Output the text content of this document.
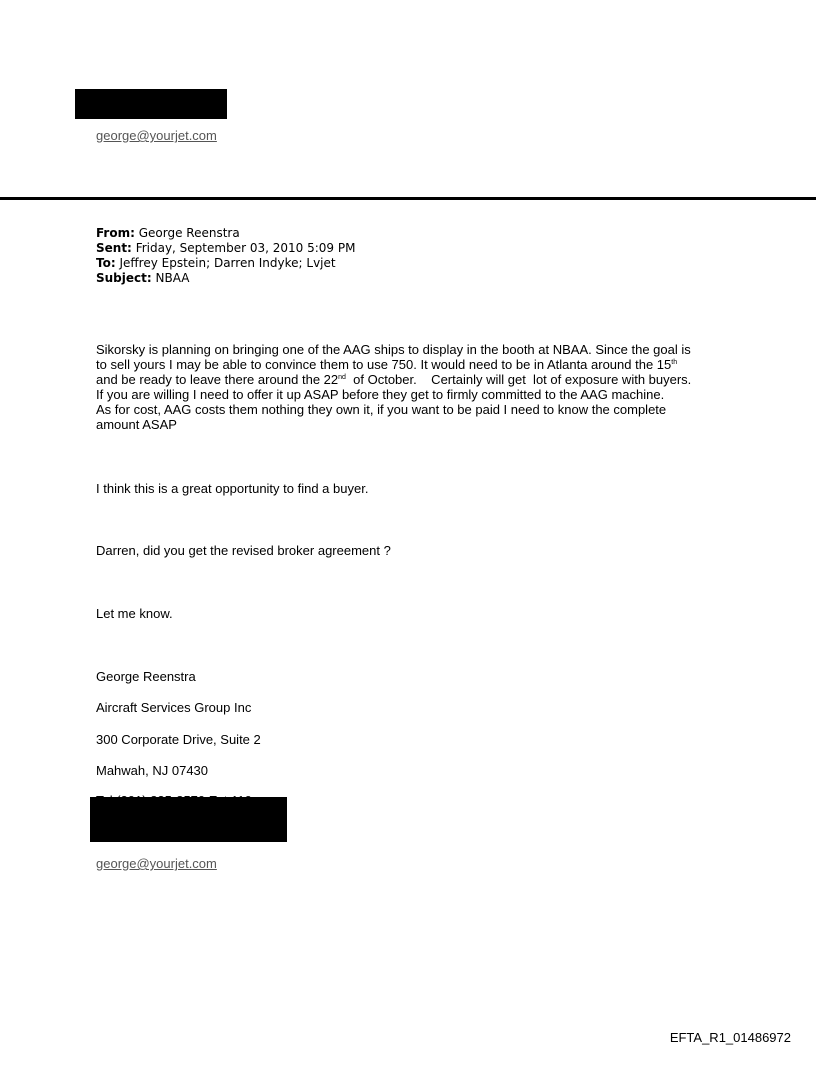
george@yourjet.com
From: George Reenstra
Sent: Friday, September 03, 2010 5:09 PM
To: Jeffrey Epstein; Darren Indyke; Lvjet
Subject: NBAA
Sikorsky is planning on bringing one of the AAG ships to display in the booth at NBAA. Since the goal is
to sell yours I may be able to convince them to use 750. It would need to be in Atlanta around the 15th
and be ready to leave there around the 22nd  of October.    Certainly will get  lot of exposure with buyers.
If you are willing I need to offer it up ASAP before they get to firmly committed to the AAG machine.
As for cost, AAG costs them nothing they own it, if you want to be paid I need to know the complete
amount ASAP
I think this is a great opportunity to find a buyer.
Darren, did you get the revised broker agreement ?
Let me know.
George Reenstra
Aircraft Services Group Inc
300 Corporate Drive, Suite 2
Mahwah, NJ 07430
george@yourjet.com
EFTA_R1_01486972
